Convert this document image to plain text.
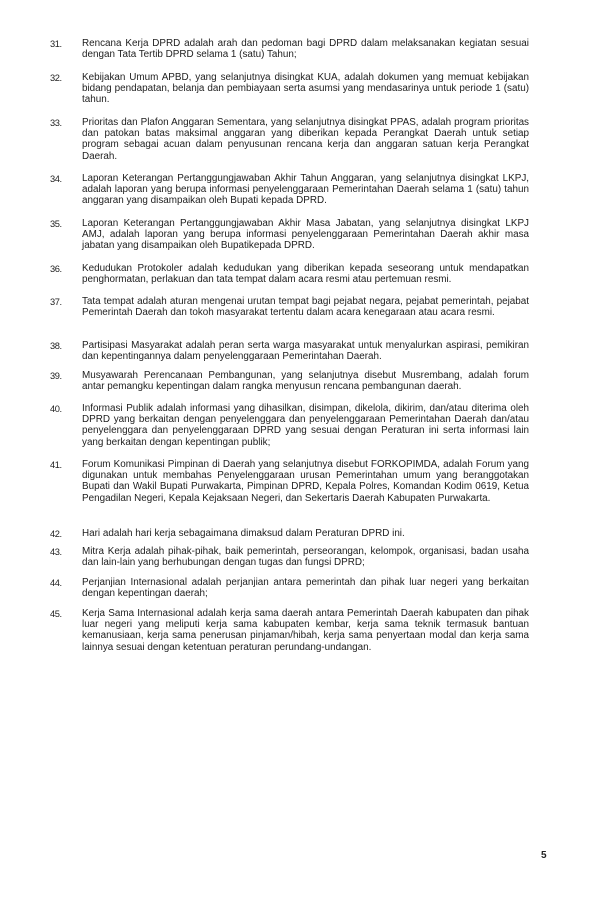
31.	Rencana Kerja DPRD adalah arah dan pedoman bagi DPRD dalam melaksanakan kegiatan sesuai dengan Tata Tertib DPRD selama 1 (satu) Tahun;
32.	Kebijakan Umum APBD, yang selanjutnya disingkat KUA, adalah dokumen yang memuat kebijakan bidang pendapatan, belanja dan pembiayaan serta asumsi yang mendasarinya untuk periode 1 (satu) tahun.
33.	Prioritas dan Plafon Anggaran Sementara, yang selanjutnya disingkat PPAS, adalah program prioritas dan patokan batas maksimal anggaran yang diberikan kepada Perangkat Daerah untuk setiap program sebagai acuan dalam penyusunan rencana kerja dan anggaran satuan kerja Perangkat Daerah.
34.	Laporan Keterangan Pertanggungjawaban Akhir Tahun Anggaran, yang selanjutnya disingkat LKPJ, adalah laporan yang berupa informasi penyelenggaraan Pemerintahan Daerah selama 1 (satu) tahun anggaran yang disampaikan oleh Bupati kepada DPRD.
35.	Laporan Keterangan Pertanggungjawaban Akhir Masa Jabatan, yang selanjutnya disingkat LKPJ AMJ, adalah laporan yang berupa informasi penyelenggaraan Pemerintahan Daerah akhir masa jabatan yang disampaikan oleh Bupatikepada DPRD.
36.	Kedudukan Protokoler adalah kedudukan yang diberikan kepada seseorang untuk mendapatkan penghormatan, perlakuan dan tata tempat dalam acara resmi atau pertemuan resmi.
37.	Tata tempat adalah aturan mengenai urutan tempat bagi pejabat negara, pejabat pemerintah, pejabat Pemerintah Daerah dan tokoh masyarakat tertentu dalam acara kenegaraan atau acara resmi.
38.	Partisipasi Masyarakat adalah peran serta warga masyarakat untuk menyalurkan aspirasi, pemikiran dan kepentingannya dalam penyelenggaraan Pemerintahan Daerah.
39.	Musyawarah Perencanaan Pembangunan, yang selanjutnya disebut Musrembang, adalah forum antar pemangku kepentingan dalam rangka menyusun rencana pembangunan daerah.
40.	Informasi Publik adalah informasi yang dihasilkan, disimpan, dikelola, dikirim, dan/atau diterima oleh DPRD yang berkaitan dengan penyelenggara dan penyelenggaraan Pemerintahan Daerah dan/atau penyelenggara dan penyelenggaraan DPRD yang sesuai dengan Peraturan ini serta informasi lain yang berkaitan dengan kepentingan publik;
41.	Forum Komunikasi Pimpinan di Daerah yang selanjutnya disebut FORKOPIMDA, adalah Forum yang digunakan untuk membahas Penyelenggaraan urusan Pemerintahan umum yang beranggotakan Bupati dan Wakil Bupati Purwakarta, Pimpinan DPRD, Kepala Polres, Komandan Kodim 0619, Ketua Pengadilan Negeri, Kepala Kejaksaan Negeri, dan Sekertaris Daerah Kabupaten Purwakarta.
42.	Hari adalah hari kerja sebagaimana dimaksud dalam Peraturan DPRD ini.
43.	Mitra Kerja adalah pihak-pihak, baik pemerintah, perseorangan, kelompok, organisasi, badan usaha dan lain-lain yang berhubungan dengan tugas dan fungsi DPRD;
44.	Perjanjian Internasional adalah perjanjian antara pemerintah dan pihak luar negeri yang berkaitan dengan kepentingan daerah;
45.	Kerja Sama Internasional adalah kerja sama daerah antara Pemerintah Daerah kabupaten dan pihak luar negeri yang meliputi kerja sama kabupaten kembar, kerja sama teknik termasuk bantuan kemanusiaan, kerja sama penerusan pinjaman/hibah, kerja sama penyertaan modal dan kerja sama lainnya sesuai dengan ketentuan peraturan perundang-undangan.
5
